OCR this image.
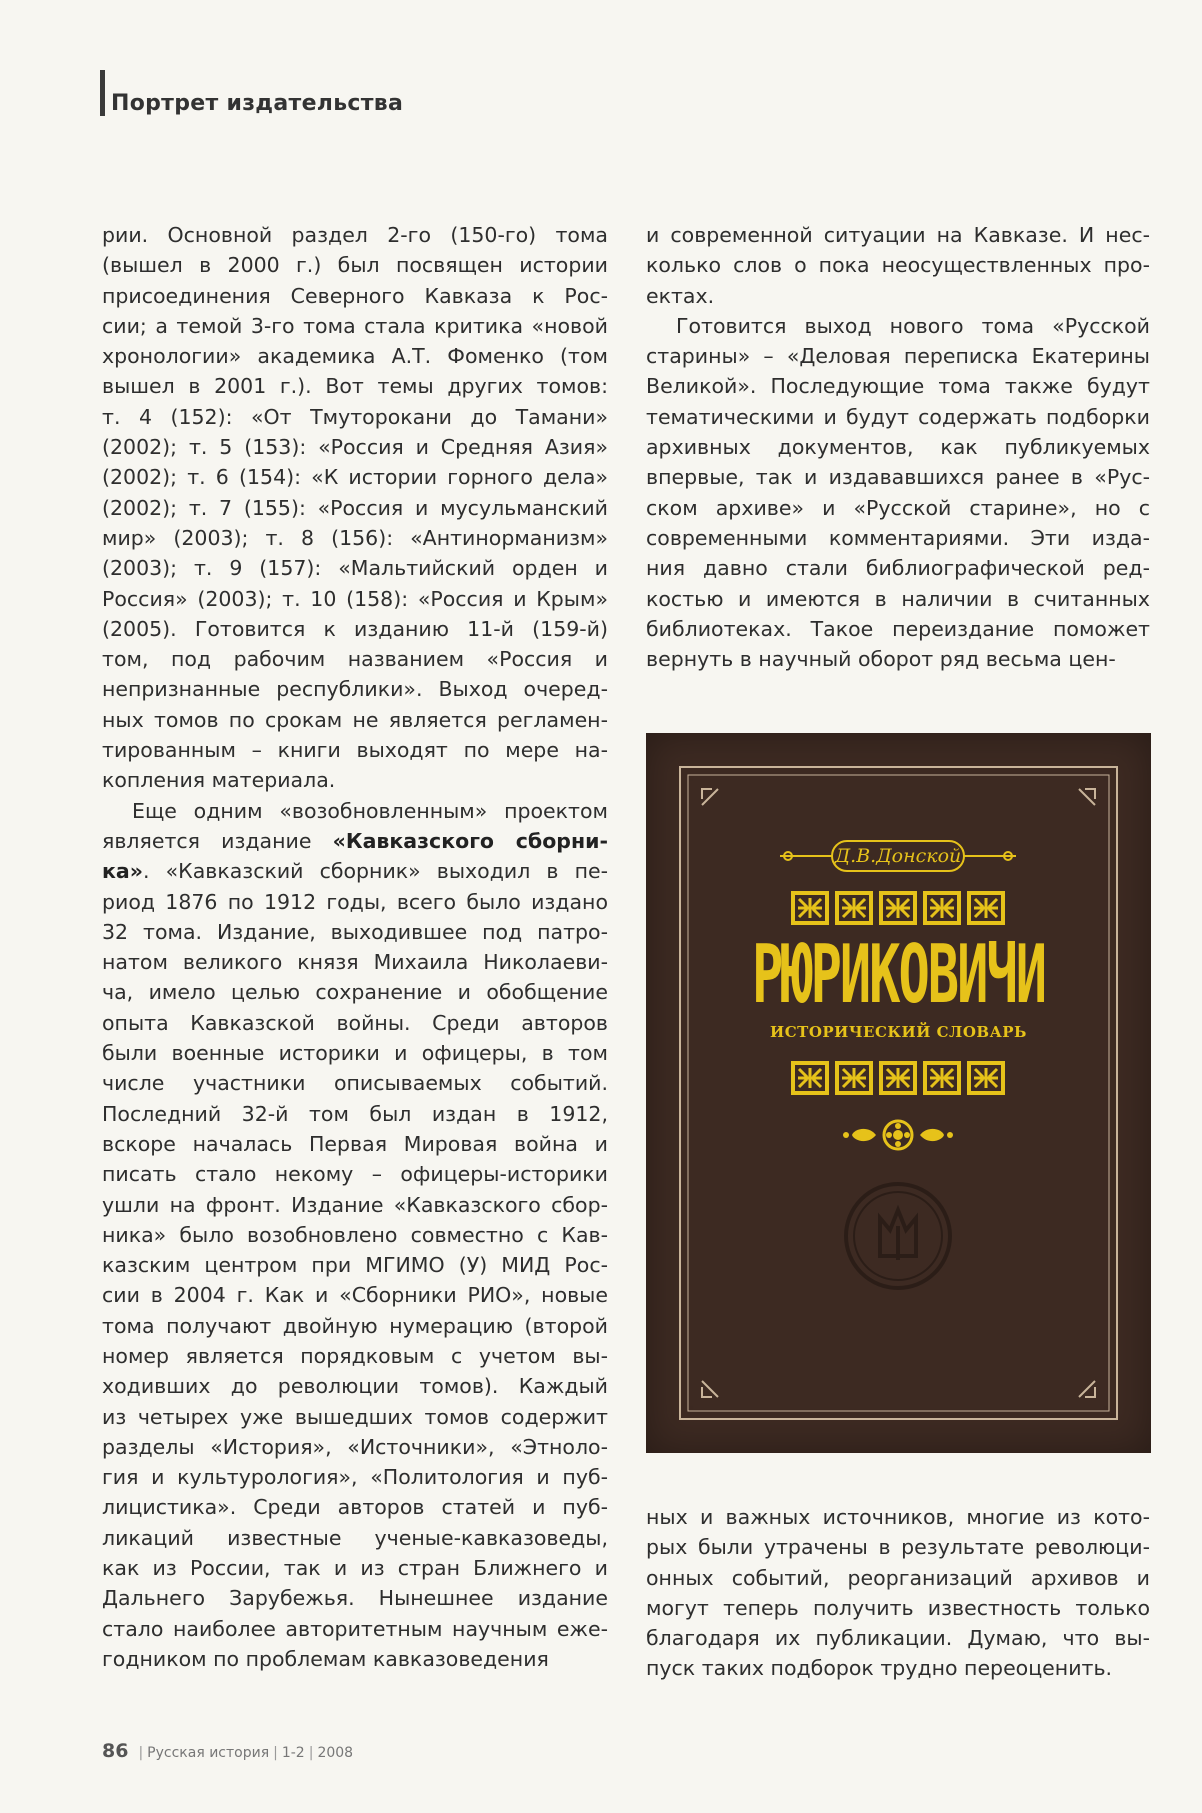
Портрет издательства

рии. Основной раздел 2-го (150-го) тома
(вышел в 2000 г.) был посвящен истории
присоединения Северного Кавказа к Рос-
сии; а темой 3-го тома стала критика «новой
хронологии» академика А.Т. Фоменко (том
вышел в 2001 г.). Вот темы других томов:
т. 4 (152): «От Тмуторокани до Тамани»
(2002); т. 5 (153): «Россия и Средняя Азия»
(2002); т. 6 (154): «К истории горного дела»
(2002); т. 7 (155): «Россия и мусульманский
мир» (2003); т. 8 (156): «Антинорманизм»
(2003); т. 9 (157): «Мальтийский орден и
Россия» (2003); т. 10 (158): «Россия и Крым»
(2005). Готовится к изданию 11-й (159-й)
том, под рабочим названием «Россия и
непризнанные республики». Выход очеред-
ных томов по срокам не является регламен-
тированным – книги выходят по мере на-
копления материала.

Еще одним «возобновленным» проектом
является издание «Кавказского сборни-
ка». «Кавказский сборник» выходил в пе-
риод 1876 по 1912 годы, всего было издано
32 тома. Издание, выходившее под патро-
натом великого князя Михаила Николаеви-
ча, имело целью сохранение и обобщение
опыта Кавказской войны. Среди авторов
были военные историки и офицеры, в том
числе участники описываемых событий.
Последний 32-й том был издан в 1912,
вскоре началась Первая Мировая война и
писать стало некому – офицеры-историки
ушли на фронт. Издание «Кавказского сбор-
ника» было возобновлено совместно с Кав-
казским центром при МГИМО (У) МИД Рос-
сии в 2004 г. Как и «Сборники РИО», новые
тома получают двойную нумерацию (второй
номер является порядковым с учетом вы-
ходивших до революции томов). Каждый
из четырех уже вышедших томов содержит
разделы «История», «Источники», «Этноло-
гия и культурология», «Политология и пуб-
лицистика». Среди авторов статей и пуб-
ликаций известные ученые-кавказоведы,
как из России, так и из стран Ближнего и
Дальнего Зарубежья. Нынешнее издание
стало наиболее авторитетным научным еже-
годником по проблемам кавказоведения

и современной ситуации на Кавказе. И нес-
колько слов о пока неосуществленных про-
ектах.

Готовится выход нового тома «Русской
старины» – «Деловая переписка Екатерины
Великой». Последующие тома также будут
тематическими и будут содержать подборки
архивных документов, как публикуемых
впервые, так и издававшихся ранее в «Рус-
ском архиве» и «Русской старине», но с
современными комментариями. Эти изда-
ния давно стали библиографической ред-
костью и имеются в наличии в считанных
библиотеках. Такое переиздание поможет
вернуть в научный оборот ряд весьма цен-

Д.В.Донской
РЮРИКОВИЧИ
ИСТОРИЧЕСКИЙ СЛОВАРЬ

ных и важных источников, многие из кото-
рых были утрачены в результате революци-
онных событий, реорганизаций архивов и
могут теперь получить известность только
благодаря их публикации. Думаю, что вы-
пуск таких подборок трудно переоценить.

86 | Русская история | 1-2 | 2008
